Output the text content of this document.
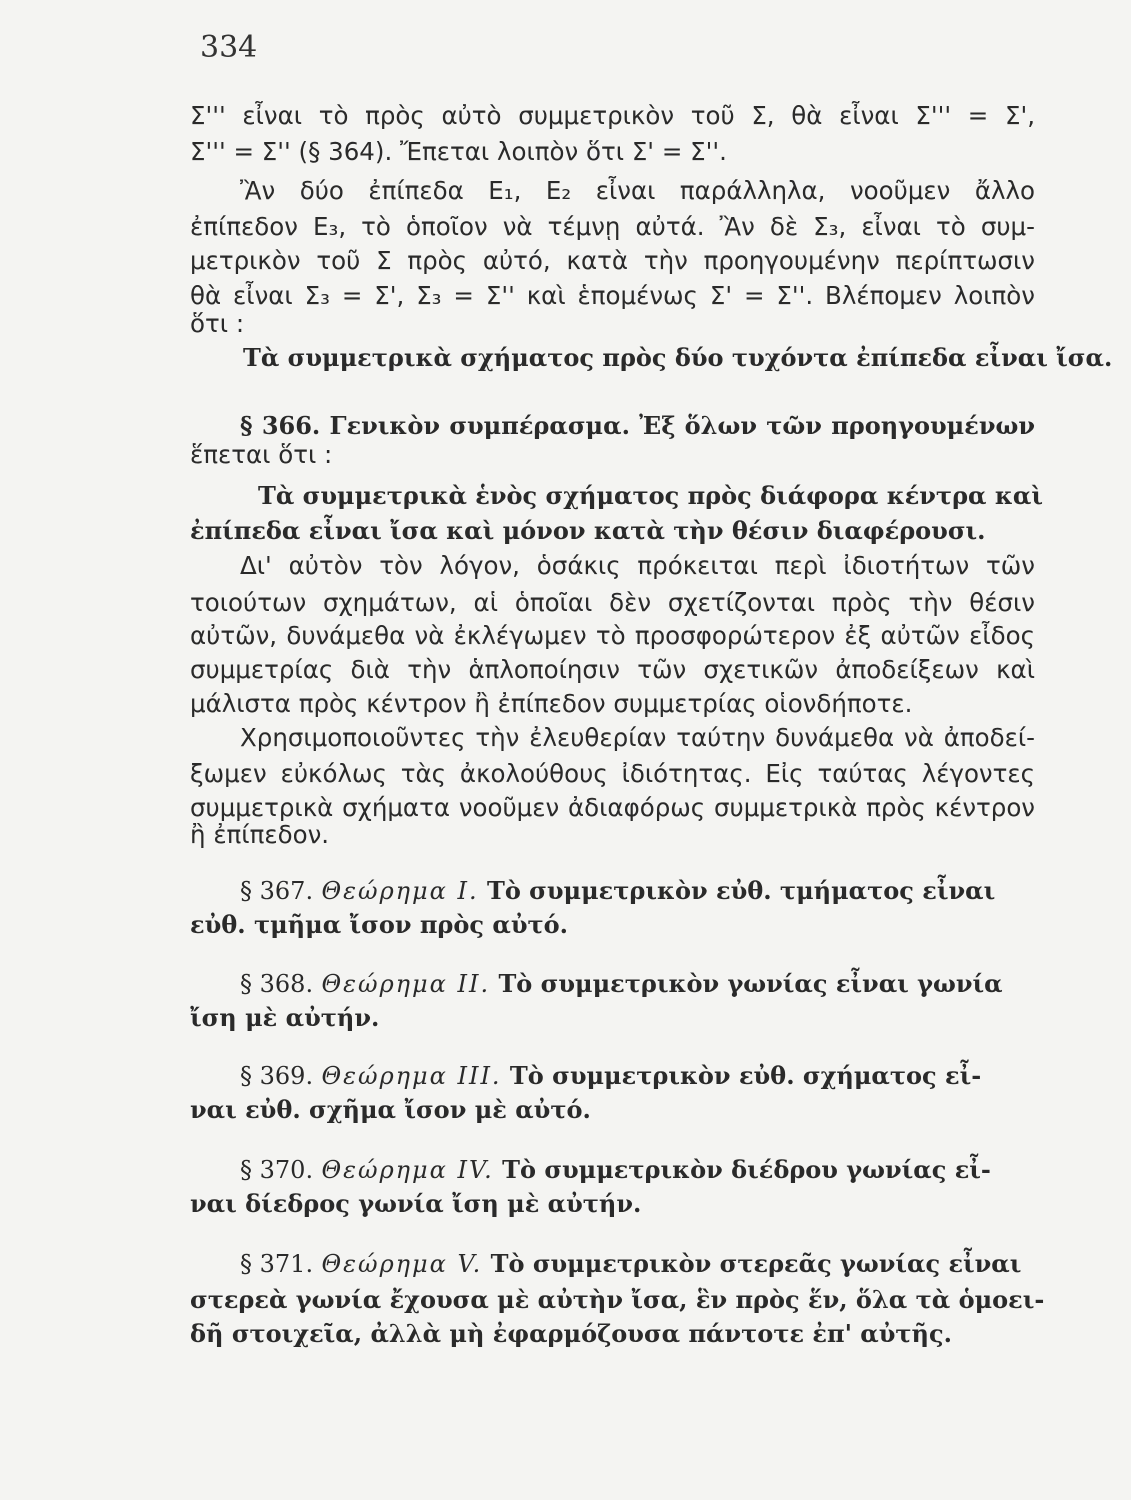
334
Σ''' εἶναι τὸ πρὸς αὐτὸ συμμετρικὸν τοῦ Σ, θὰ εἶναι Σ''' = Σ',
Σ''' = Σ'' (§ 364). Ἔπεται λοιπὸν ὅτι Σ' = Σ''.
Ἂν δύο ἐπίπεδα E₁, E₂ εἶναι παράλληλα, νοοῦμεν ἄλλο
ἐπίπεδον E₃, τὸ ὁποῖον νὰ τέμνῃ αὐτά. Ἂν δὲ Σ₃, εἶναι τὸ συμ-
μετρικὸν τοῦ Σ πρὸς αὐτό, κατὰ τὴν προηγουμένην περίπτωσιν
θὰ εἶναι Σ₃ = Σ', Σ₃ = Σ'' καὶ ἑπομένως Σ' = Σ''. Βλέπομεν λοιπὸν
ὅτι :
Τὰ συμμετρικὰ σχήματος πρὸς δύο τυχόντα ἐπίπεδα εἶναι ἴσα.
§ 366. Γενικὸν συμπέρασμα. Ἐξ ὅλων τῶν προηγουμένων
ἕπεται ὅτι :
Τὰ συμμετρικὰ ἑνὸς σχήματος πρὸς διάφορα κέντρα καὶ
ἐπίπεδα εἶναι ἴσα καὶ μόνον κατὰ τὴν θέσιν διαφέρουσι.
Δι' αὐτὸν τὸν λόγον, ὁσάκις πρόκειται περὶ ἰδιοτήτων τῶν
τοιούτων σχημάτων, αἱ ὁποῖαι δὲν σχετίζονται πρὸς τὴν θέσιν
αὐτῶν, δυνάμεθα νὰ ἐκλέγωμεν τὸ προσφορώτερον ἐξ αὐτῶν εἶδος
συμμετρίας διὰ τὴν ἁπλοποίησιν τῶν σχετικῶν ἀποδείξεων καὶ
μάλιστα πρὸς κέντρον ἢ ἐπίπεδον συμμετρίας οἱονδήποτε.
Χρησιμοποιοῦντες τὴν ἐλευθερίαν ταύτην δυνάμεθα νὰ ἀποδεί-
ξωμεν εὐκόλως τὰς ἀκολούθους ἰδιότητας. Εἰς ταύτας λέγοντες
συμμετρικὰ σχήματα νοοῦμεν ἀδιαφόρως συμμετρικὰ πρὸς κέντρον
ἢ ἐπίπεδον.
§ 367. Θεώρημα I. Τὸ συμμετρικὸν εὐθ. τμήματος εἶναι
εὐθ. τμῆμα ἴσον πρὸς αὐτό.
§ 368. Θεώρημα II. Τὸ συμμετρικὸν γωνίας εἶναι γωνία
ἴση μὲ αὐτήν.
§ 369. Θεώρημα III. Τὸ συμμετρικὸν εὐθ. σχήματος εἶ-
ναι εὐθ. σχῆμα ἴσον μὲ αὐτό.
§ 370. Θεώρημα IV. Τὸ συμμετρικὸν διέδρου γωνίας εἶ-
ναι δίεδρος γωνία ἴση μὲ αὐτήν.
§ 371. Θεώρημα V. Τὸ συμμετρικὸν στερεᾶς γωνίας εἶναι
στερεὰ γωνία ἔχουσα μὲ αὐτὴν ἴσα, ἓν πρὸς ἕν, ὅλα τὰ ὁμοει-
δῆ στοιχεῖα, ἀλλὰ μὴ ἐφαρμόζουσα πάντοτε ἐπ' αὐτῆς.
